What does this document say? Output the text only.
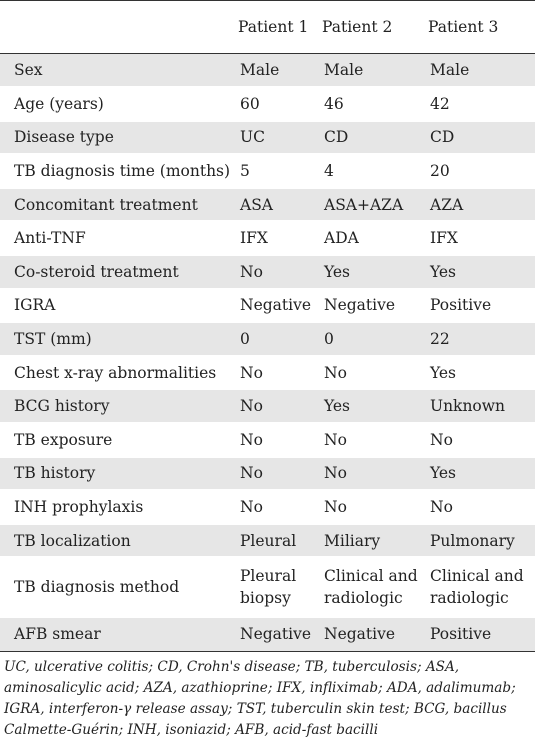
	Patient 1	Patient 2	Patient 3
Sex	Male	Male	Male
Age (years)	60	46	42
Disease type	UC	CD	CD
TB diagnosis time (months)	5	4	20
Concomitant treatment	ASA	ASA+AZA	AZA
Anti-TNF	IFX	ADA	IFX
Co-steroid treatment	No	Yes	Yes
IGRA	Negative	Negative	Positive
TST (mm)	0	0	22
Chest x-ray abnormalities	No	No	Yes
BCG history	No	Yes	Unknown
TB exposure	No	No	No
TB history	No	No	Yes
INH prophylaxis	No	No	No
TB localization	Pleural	Miliary	Pulmonary
TB diagnosis method	Pleural biopsy	Clinical and radiologic	Clinical and radiologic
AFB smear	Negative	Negative	Positive
UC, ulcerative colitis; CD, Crohn's disease; TB, tuberculosis; ASA, aminosalicylic acid; AZA, azathioprine; IFX, infliximab; ADA, adalimumab; IGRA, interferon-γ release assay; TST, tuberculin skin test; BCG, bacillus Calmette-Guérin; INH, isoniazid; AFB, acid-fast bacilli
